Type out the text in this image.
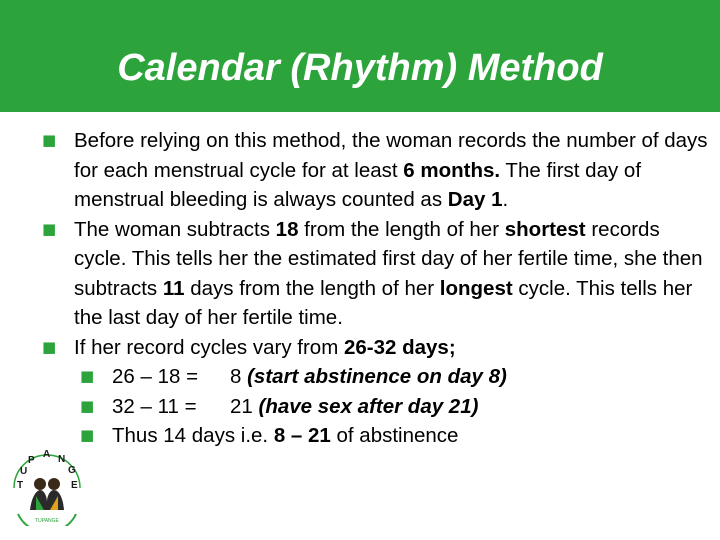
Calendar (Rhythm) Method
■ Before relying on this method, the woman records the number of days for each menstrual cycle for at least 6 months. The first day of menstrual bleeding is always counted as Day 1.
■ The woman subtracts 18 from the length of her shortest records cycle. This tells her the estimated first day of her fertile time, she then subtracts 11 days from the length of her longest cycle. This tells her the last day of her fertile time.
■ If her record cycles vary from 26-32 days;
■ 26 – 18 = 8 (start abstinence on day 8)
■ 32 – 11 = 21 (have sex after day 21)
■ Thus 14 days i.e. 8 – 21 of abstinence
T
U
P
A N
G
E
TUPANGE
